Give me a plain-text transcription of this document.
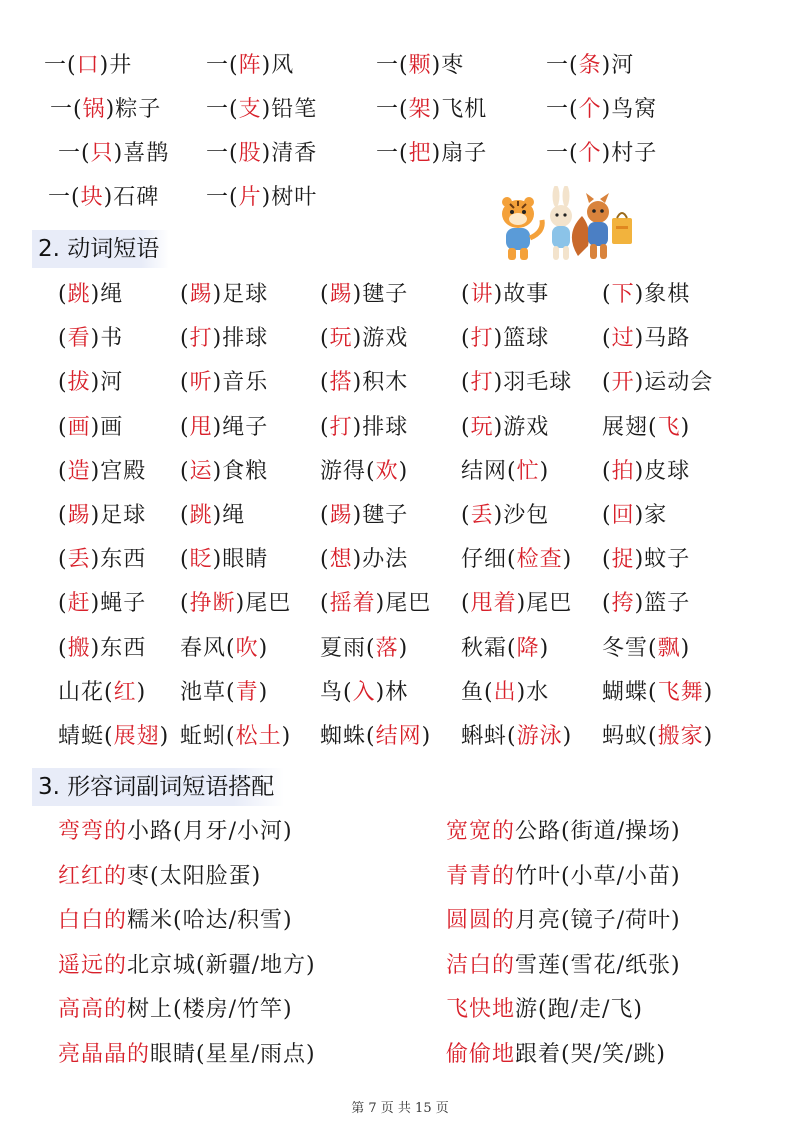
一(口)井	一(阵)风	一(颗)枣	一(条)河
一(锅)粽子 一(支)铅笔	一(架)飞机	一(个)鸟窝
一(只)喜鹊 一(股)清香	一(把)扇子	一(个)村子
一(块)石碑 一(片)树叶
2. 动词短语
(跳)绳	(踢)足球 (踢)毽子 (讲)故事 (下)象棋
(看)书	(打)排球 (玩)游戏 (打)篮球 (过)马路
(拔)河	(听)音乐 (搭)积木 (打)羽毛球 (开)运动会
(画)画	(甩)绳子 (打)排球 (玩)游戏 展翅(飞)
(造)宫殿 (运)食粮 游得(欢) 结网(忙) (拍)皮球
(踢)足球 (跳)绳	(踢)毽子 (丢)沙包 (回)家
(丢)东西 (眨)眼睛 (想)办法 仔细(检查) (捉)蚊子
(赶)蝇子 (挣断)尾巴 (摇着)尾巴 (甩着)尾巴 (挎)篮子
(搬)东西 春风(吹) 夏雨(落) 秋霜(降) 冬雪(飘)
山花(红) 池草(青) 鸟(入)林 鱼(出)水 蝴蝶(飞舞)
蜻蜓(展翅) 蚯蚓(松土) 蜘蛛(结网) 蝌蚪(游泳) 蚂蚁(搬家)
3. 形容词副词短语搭配
弯弯的小路(月牙/小河)	宽宽的公路(街道/操场)
红红的枣(太阳脸蛋)	青青的竹叶(小草/小苗)
白白的糯米(哈达/积雪)	圆圆的月亮(镜子/荷叶)
遥远的北京城(新疆/地方)	洁白的雪莲(雪花/纸张)
高高的树上(楼房/竹竿)	飞快地游(跑/走/飞)
亮晶晶的眼睛(星星/雨点)	偷偷地跟着(哭/笑/跳)
第 7 页 共 15 页
